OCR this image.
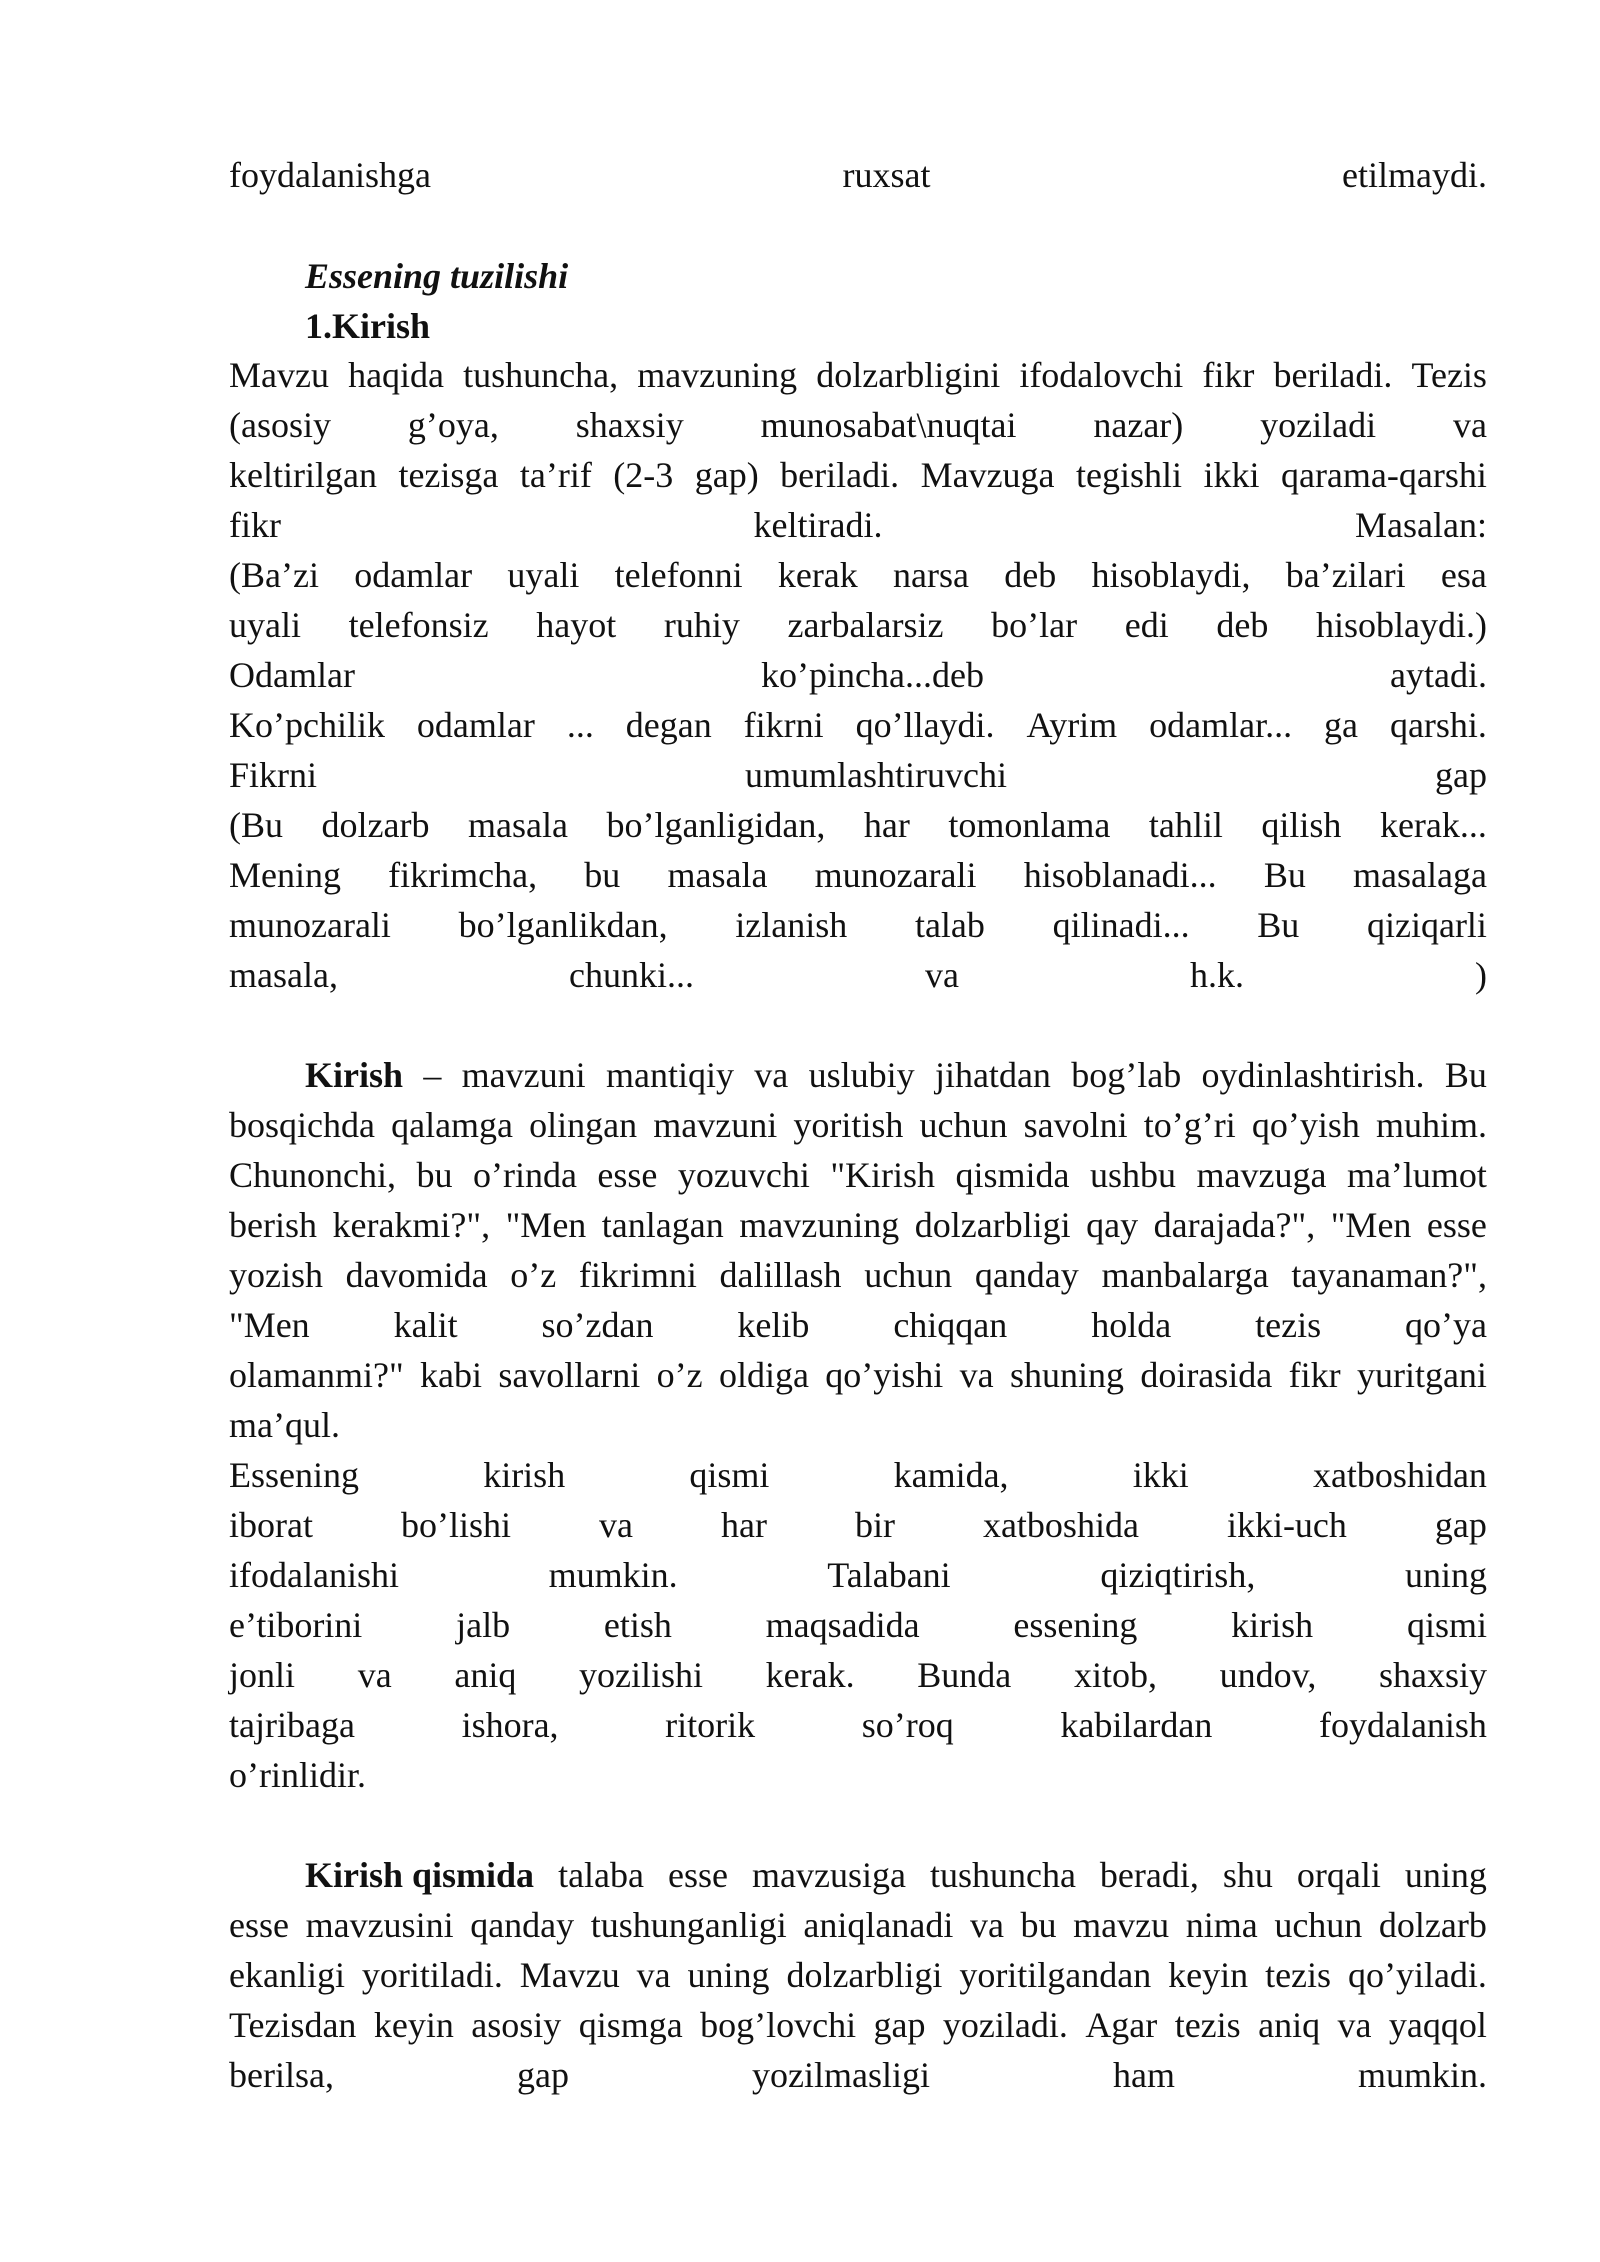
foydalanishga	ruxsat	etilmaydi.
Essening tuzilishi
1.Kirish
Mavzu haqida tushuncha, mavzuning dolzarbligini ifodalovchi fikr beriladi. Tezis
(asosiy g’oya, shaxsiy munosabat\nuqtai nazar) yoziladi va
keltirilgan tezisga ta’rif (2-3 gap) beriladi. Mavzuga tegishli ikki qarama-qarshi
fikr	keltiradi.	Masalan:
(Ba’zi odamlar uyali telefonni kerak narsa deb hisoblaydi, ba’zilari esa
uyali telefonsiz hayot ruhiy zarbalarsiz bo’lar edi deb hisoblaydi.)
Odamlar	ko’pincha...deb	aytadi.
Ko’pchilik odamlar ... degan fikrni qo’llaydi. Ayrim odamlar... ga qarshi.
Fikrni	umumlashtiruvchi	gap
(Bu dolzarb masala bo’lganligidan, har tomonlama tahlil qilish kerak...
Mening fikrimcha, bu masala munozarali hisoblanadi... Bu masalaga
munozarali bo’lganlikdan, izlanish talab qilinadi... Bu qiziqarli
masala,	chunki...	va	h.k.	)
Kirish – mavzuni mantiqiy va uslubiy jihatdan bog’lab oydinlashtirish. Bu
bosqichda qalamga olingan mavzuni yoritish uchun savolni to’g’ri qo’yish muhim.
Chunonchi, bu o’rinda esse yozuvchi "Kirish qismida ushbu mavzuga ma’lumot
berish kerakmi?", "Men tanlagan mavzuning dolzarbligi qay darajada?", "Men esse
yozish davomida o’z fikrimni dalillash uchun qanday manbalarga tayanaman?",
"Men kalit so’zdan kelib chiqqan holda tezis qo’ya
olamanmi?" kabi savollarni o’z oldiga qo’yishi va shuning doirasida fikr yuritgani
ma’qul.
Essening	kirish	qismi	kamida,	ikki	xatboshidan
iborat bo’lishi va har bir xatboshida ikki-uch gap
ifodalanishi	mumkin.	Talabani	qiziqtirish,	uning
e’tiborini	jalb	etish	maqsadida	essening	kirish	qismi
jonli va aniq yozilishi kerak. Bunda xitob, undov, shaxsiy
tajribaga	ishora,	ritorik	so’roq	kabilardan	foydalanish
o’rinlidir.
Kirish qismida talaba esse mavzusiga tushuncha beradi, shu orqali uning
esse mavzusini qanday tushunganligi aniqlanadi va bu mavzu nima uchun dolzarb
ekanligi yoritiladi. Mavzu va uning dolzarbligi yoritilgandan keyin tezis qo’yiladi.
Tezisdan keyin asosiy qismga bog’lovchi gap yoziladi. Agar tezis aniq va yaqqol
berilsa,	gap	yozilmasligi	ham	mumkin.
